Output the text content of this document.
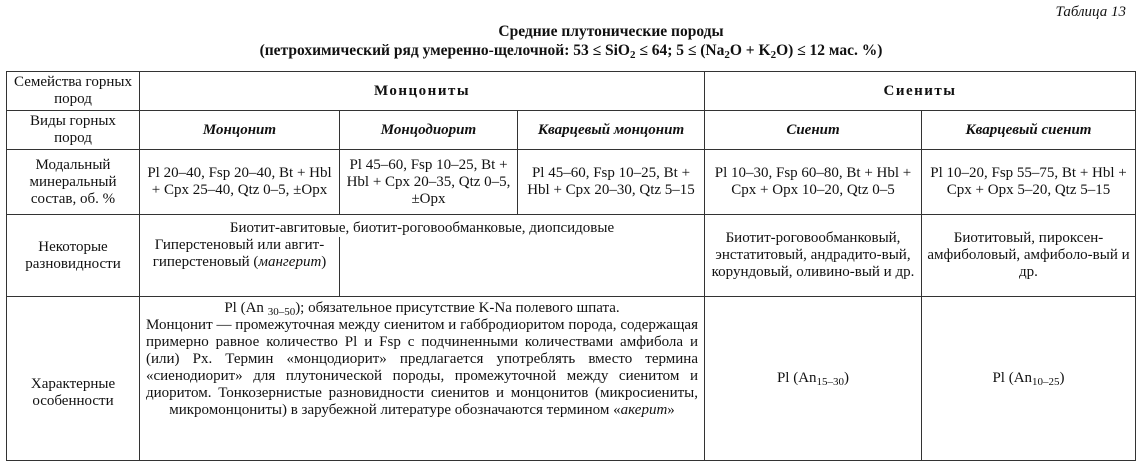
Таблица 13
Средние плутонические породы
(петрохимический ряд умеренно-щелочной: 53 ≤ SiO$_2$ ≤ 64; $5 \le (Na_2O + K_2O) \le 12$ мас. %)
Семейства горных пород	Монцониты			Сиениты	
Виды горных пород	Монцонит	Монцодиорит	Кварцевый монцонит	Сиенит	Кварцевый сиенит
Модальный минеральный состав, об. %	Pl 20–40, Fsp 20–40, Bt + Hbl + Cpx 25–40, Qtz 0–5, ±Opx	Pl 45–60, Fsp 10–25, Bt + Hbl + Cpx 20–35, Qtz 0–5, ±Opx	Pl 45–60, Fsp 10–25, Bt + Hbl + Cpx 20–30, Qtz 5–15	Pl 10–30, Fsp 60–80, Bt + Hbl + Cpx + Opx 10–20, Qtz 0–5	Pl 10–20, Fsp 55–75, Bt + Hbl + Cpx + Opx 5–20, Qtz 5–15
Некоторые разновидности	Биотит-авгитовые, биотит-роговообманковые, диопсидовые			Биотит-роговообманковый, энстатитовый, андрадито-вый, корундовый, оливино-вый и др.	Биотитовый, пироксен-амфиболовый, амфиболо-вый и др.
	Гиперстеновый или авгит-гиперстеновый (мангерит)				
Характерные особенности	Pl (An $_{30-50}$); обязательное присутствие K-Na полевого шпата.
Монцонит — промежуточная между сиенитом и габбродиоритом порода, содержащая примерно равное количество Pl и Fsp с подчиненными количествами амфибола и (или) Px. Термин «монцодиорит» предлагается употреблять вместо термина «сиенодиорит» для плутонической породы, промежуточной между сиенитом и диоритом. Тонкозернистые разновидности сиенитов и монцонитов (микросиениты, микромонцониты) в зарубежной литературе обозначаются термином «акерит»			Pl $(An_{15-30})$	Pl $(An_{10-25})$
